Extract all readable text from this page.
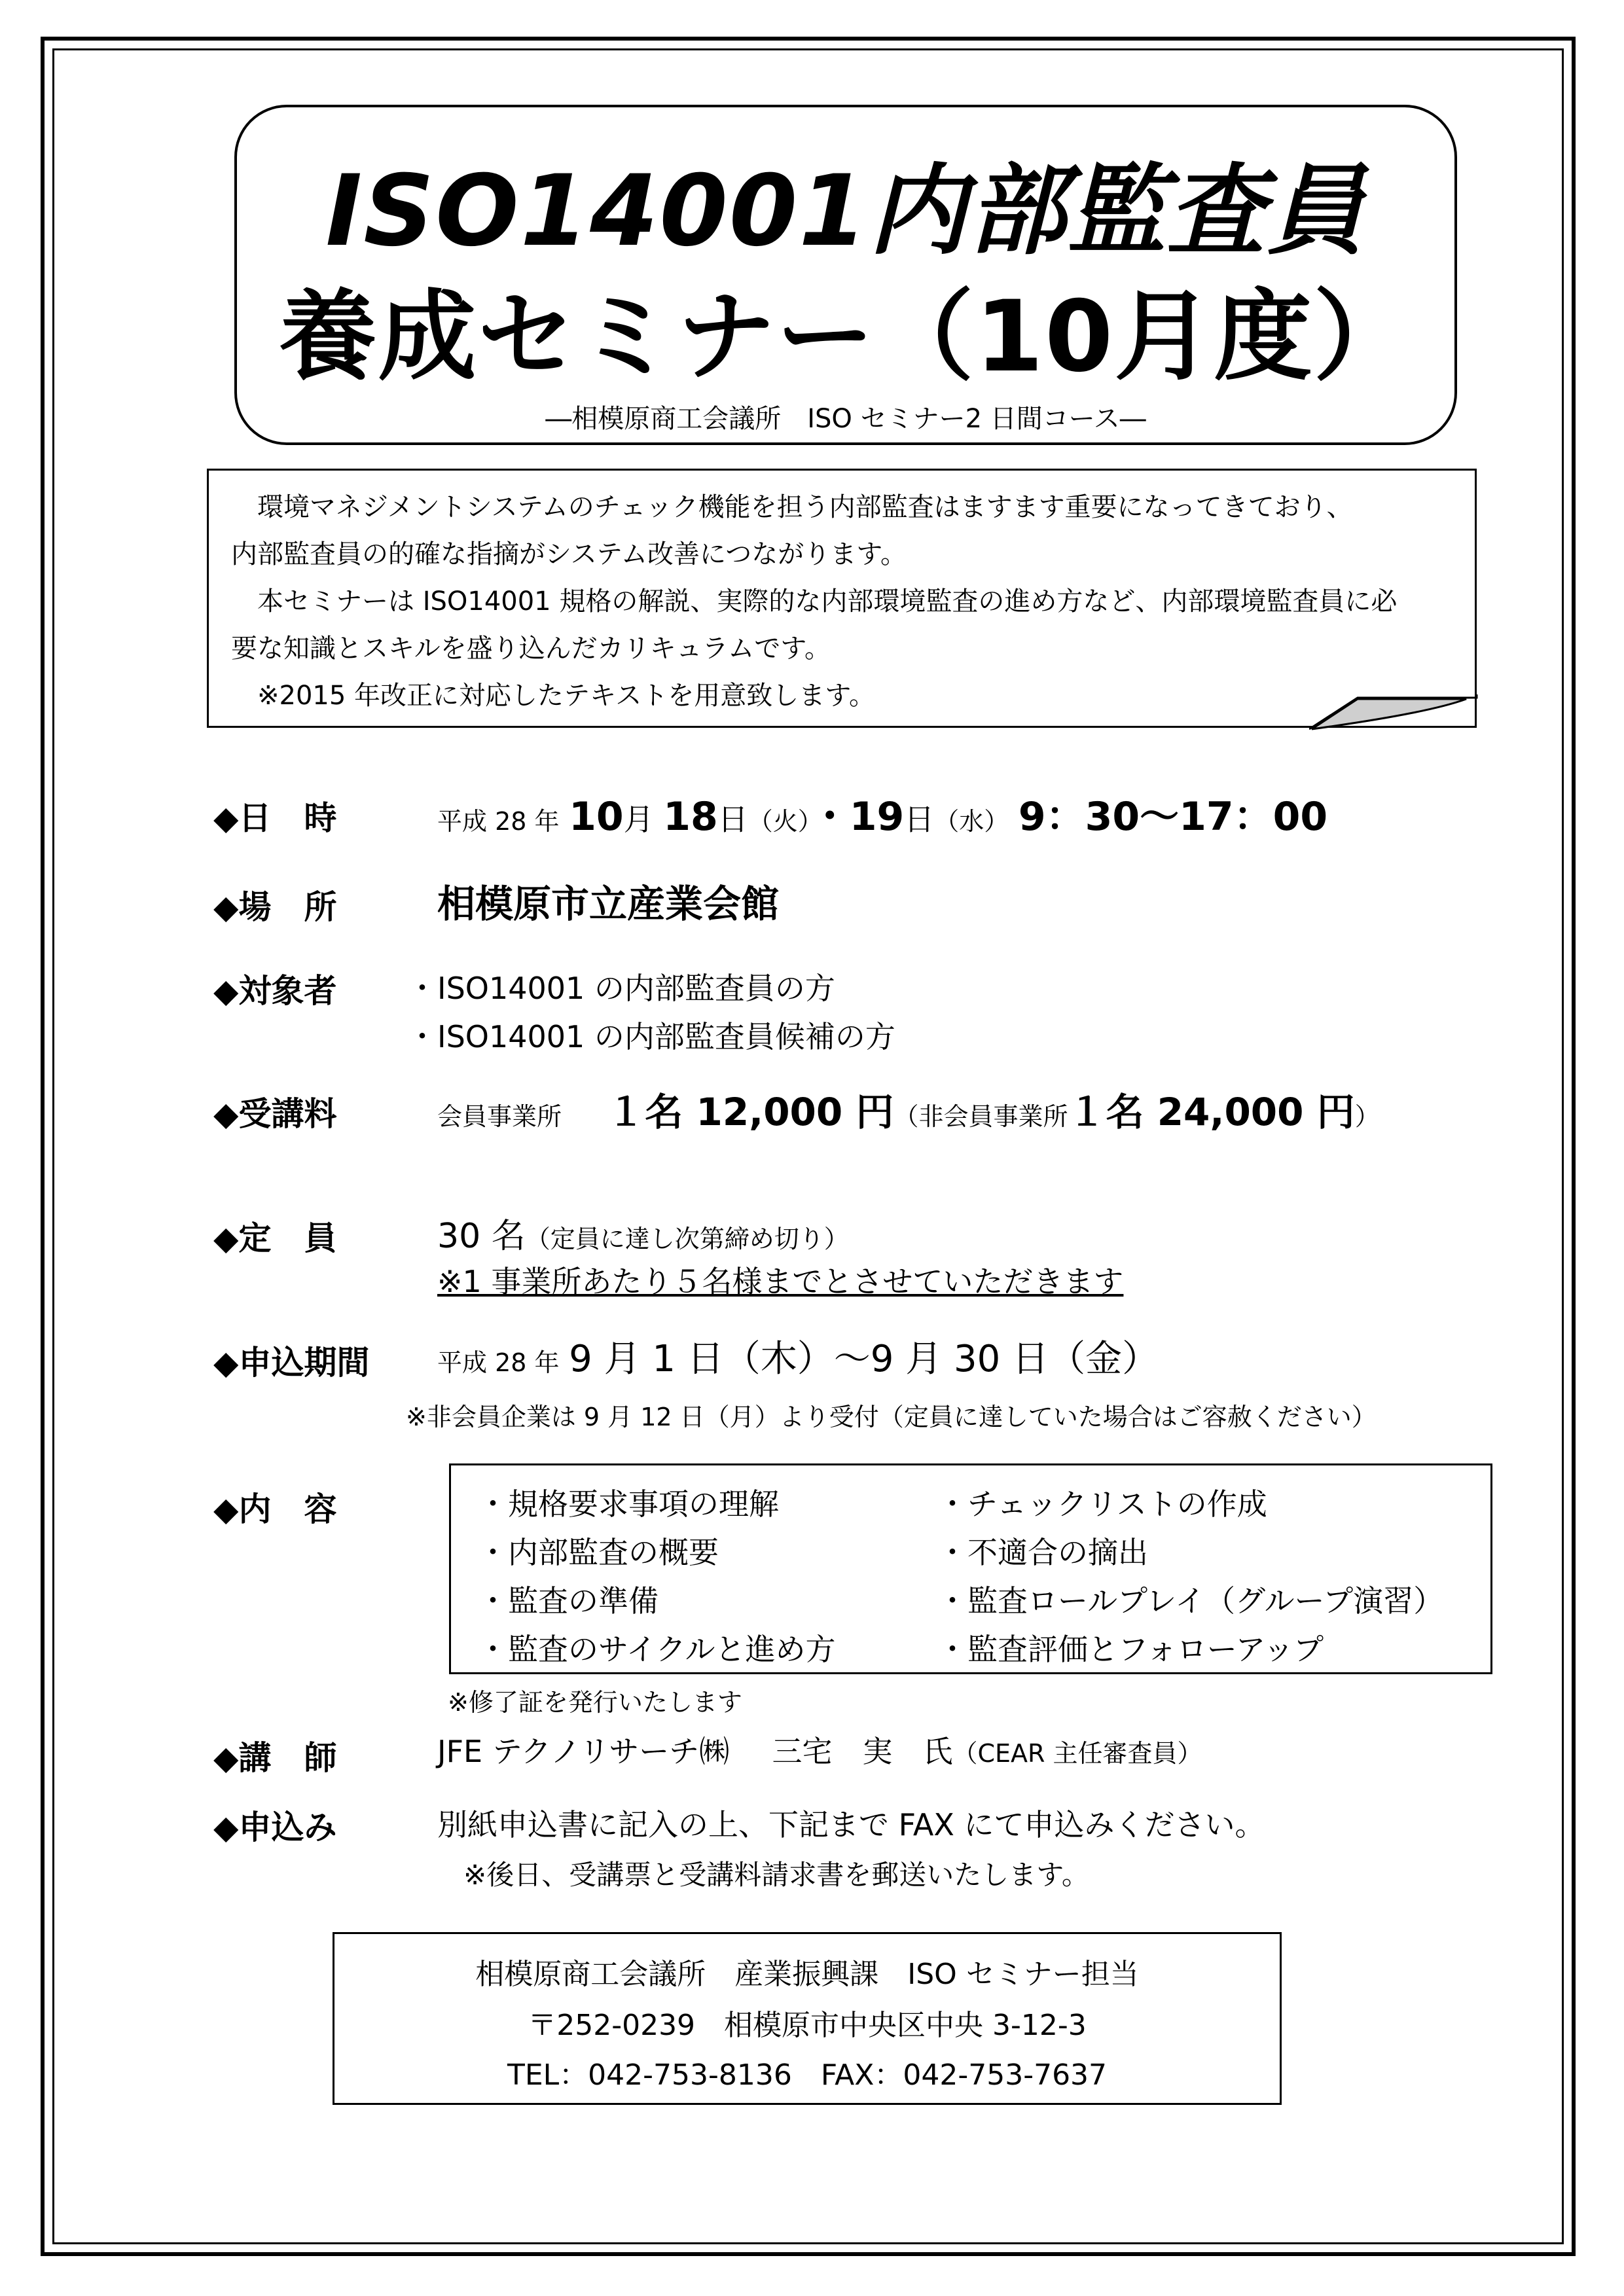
ISO14001内部監査員
養成セミナー（10月度）
―相模原商工会議所　ISO セミナー2 日間コース―

　環境マネジメントシステムのチェック機能を担う内部監査はますます重要になってきており、

内部監査員の的確な指摘がシステム改善につながります。

　本セミナーは ISO14001 規格の解説、実際的な内部環境監査の進め方など、内部環境監査員に必

要な知識とスキルを盛り込んだカリキュラムです。

　※2015 年改正に対応したテキストを用意致します。

◆日　時	平成 28 年 10月 18日（火）・19日（水） 9：30～17：00
◆場　所	相模原市立産業会館
◆対象者 ・ISO14001 の内部監査員の方
・ISO14001 の内部監査員候補の方
◆受講料	会員事業所 １名 12,000 円（非会員事業所１名 24,000 円）
◆定　員	30 名（定員に達し次第締め切り）
※1 事業所あたり５名様までとさせていただきます
◆申込期間	平成 28 年 9 月 1 日（木）～9 月 30 日（金）
※非会員企業は 9 月 12 日（月）より受付（定員に達していた場合はご容赦ください）
◆内　容	・規格要求事項の理解
・内部監査の概要
・監査の準備
・監査のサイクルと進め方
・チェックリストの作成
・不適合の摘出
・監査ロールプレイ（グループ演習）
・監査評価とフォローアップ
※修了証を発行いたします
◆講　師	JFE テクノリサーチ㈱ 三宅　実　氏（CEAR 主任審査員）
◆申込み	別紙申込書に記入の上、下記まで FAX にて申込みください。
※後日、受講票と受講料請求書を郵送いたします。
相模原商工会議所　産業振興課　ISO セミナー担当
〒252-0239　相模原市中央区中央 3-12-3
TEL：042-753-8136　FAX：042-753-7637
